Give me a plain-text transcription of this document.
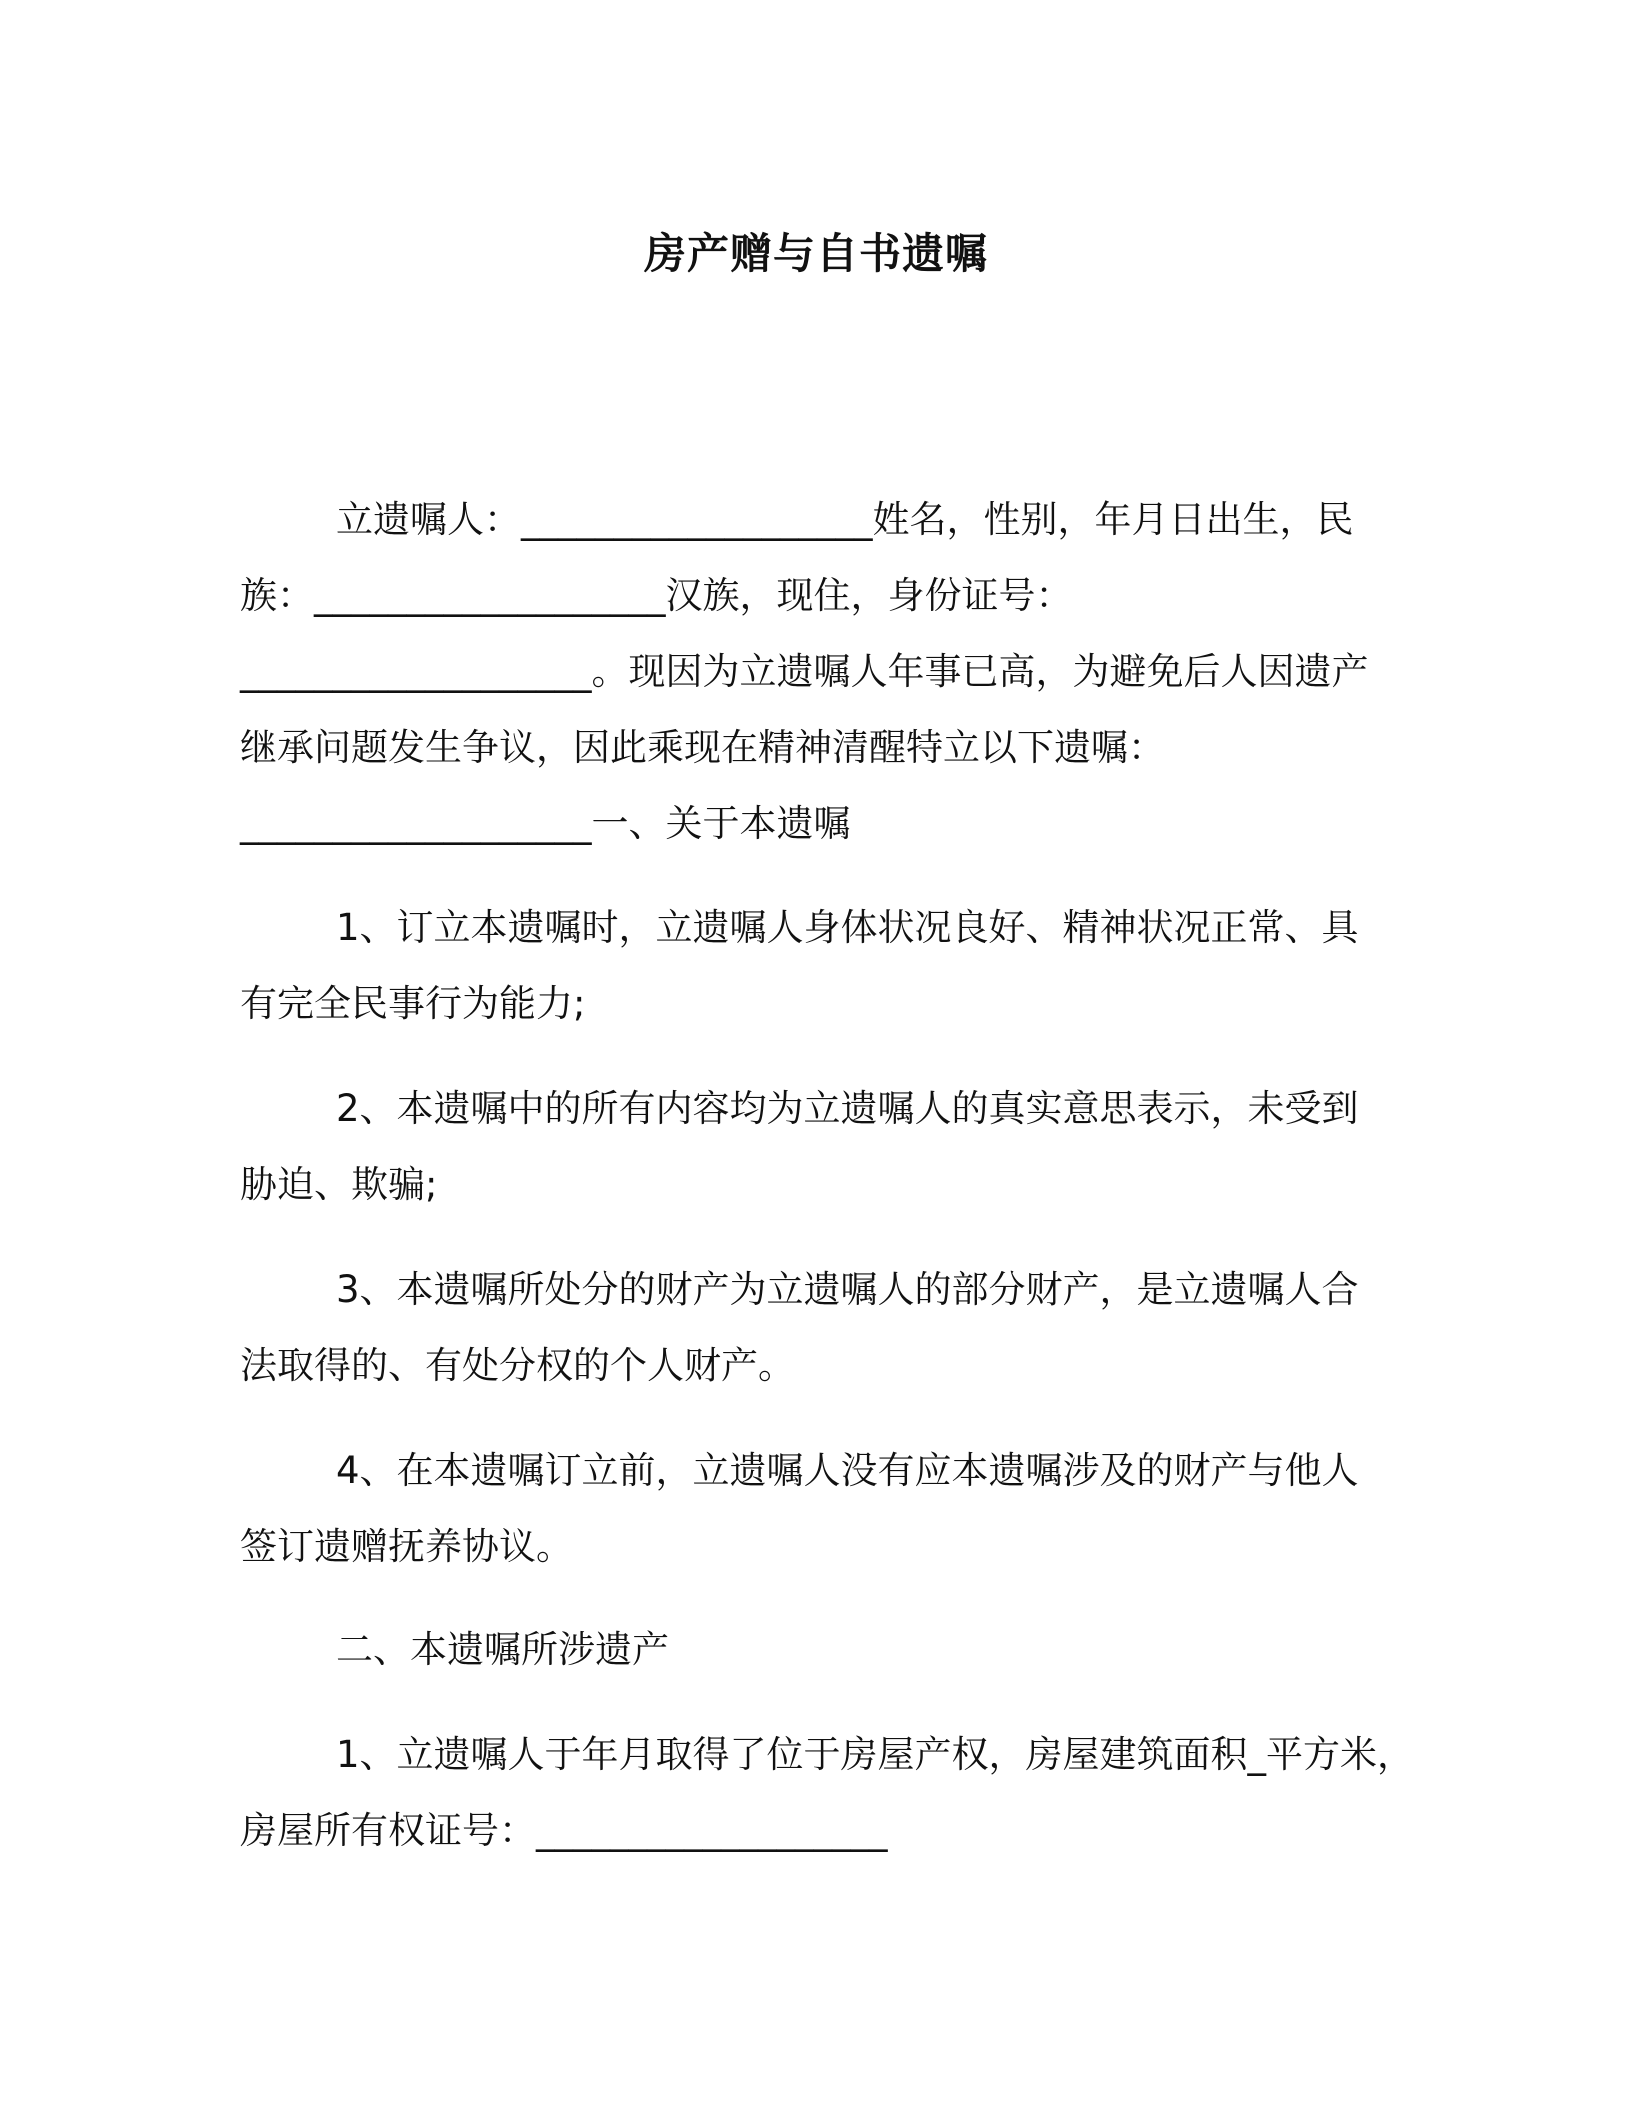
房产赠与自书遗嘱

立遗嘱人：___________________姓名，性别，年月日出生，民

族：___________________汉族，现住，身份证号：

___________________。现因为立遗嘱人年事已高，为避免后人因遗产

继承问题发生争议，因此乘现在精神清醒特立以下遗嘱：

___________________一、关于本遗嘱

1、订立本遗嘱时，立遗嘱人身体状况良好、精神状况正常、具

有完全民事行为能力;

2、本遗嘱中的所有内容均为立遗嘱人的真实意思表示，未受到

胁迫、欺骗;

3、本遗嘱所处分的财产为立遗嘱人的部分财产，是立遗嘱人合

法取得的、有处分权的个人财产。

4、在本遗嘱订立前，立遗嘱人没有应本遗嘱涉及的财产与他人

签订遗赠抚养协议。

二、本遗嘱所涉遗产

1、立遗嘱人于年月取得了位于房屋产权，房屋建筑面积_平方米，

房屋所有权证号：___________________
